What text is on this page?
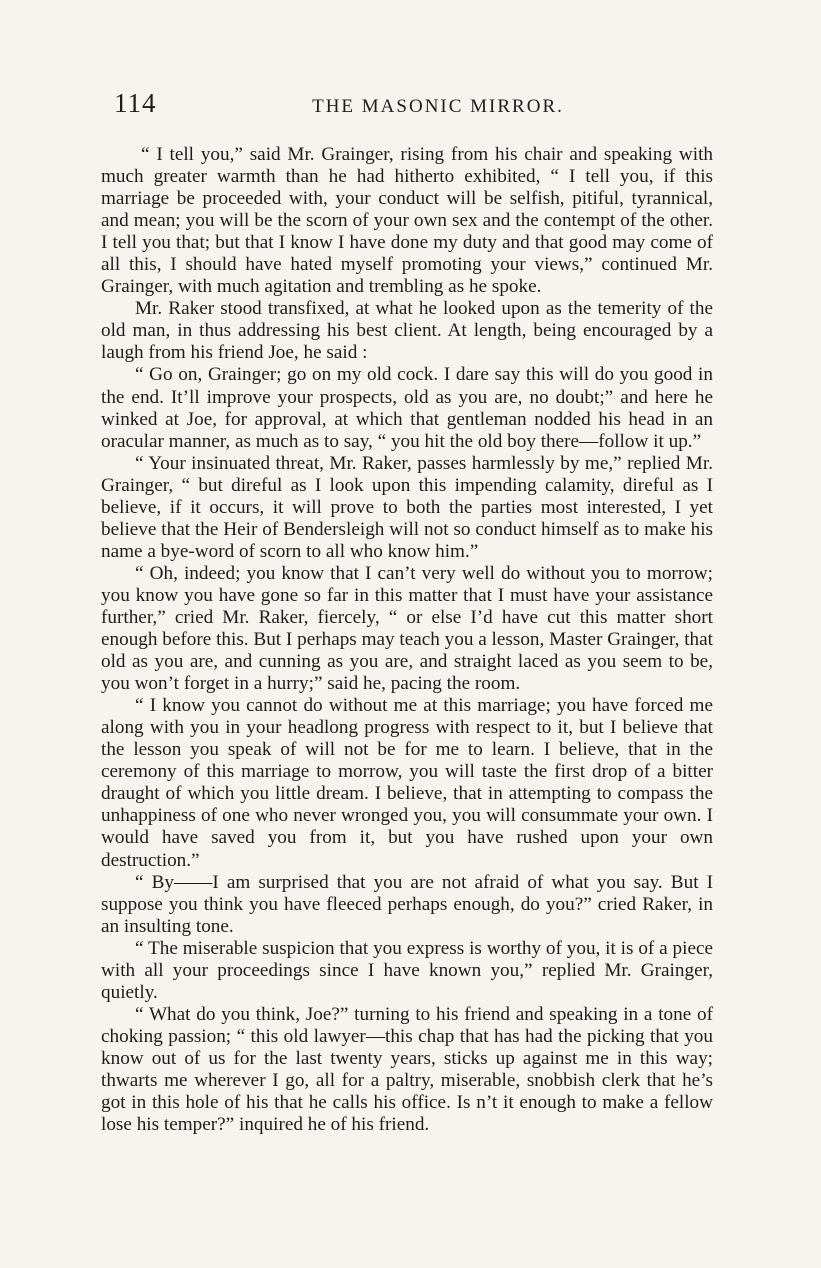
114	THE MASONIC MIRROR.

“ I tell you,” said Mr. Grainger, rising from his chair and speaking with much greater warmth than he had hitherto exhibited, “ I tell you, if this marriage be proceeded with, your conduct will be selfish, pitiful, tyrannical, and mean; you will be the scorn of your own sex and the contempt of the other. I tell you that; but that I know I have done my duty and that good may come of all this, I should have hated myself promoting your views,” continued Mr. Grainger, with much agitation and trembling as he spoke.

Mr. Raker stood transfixed, at what he looked upon as the temerity of the old man, in thus addressing his best client. At length, being encouraged by a laugh from his friend Joe, he said :

“ Go on, Grainger; go on my old cock. I dare say this will do you good in the end. It’ll improve your prospects, old as you are, no doubt;” and here he winked at Joe, for approval, at which that gentleman nodded his head in an oracular manner, as much as to say, “ you hit the old boy there—follow it up.”

“ Your insinuated threat, Mr. Raker, passes harmlessly by me,” replied Mr. Grainger, “ but direful as I look upon this impending calamity, direful as I believe, if it occurs, it will prove to both the parties most interested, I yet believe that the Heir of Bendersleigh will not so conduct himself as to make his name a bye-word of scorn to all who know him.”

“ Oh, indeed; you know that I can’t very well do without you to morrow; you know you have gone so far in this matter that I must have your assistance further,” cried Mr. Raker, fiercely, “ or else I’d have cut this matter short enough before this. But I perhaps may teach you a lesson, Master Grainger, that old as you are, and cunning as you are, and straight laced as you seem to be, you won’t forget in a hurry;” said he, pacing the room.

“ I know you cannot do without me at this marriage; you have forced me along with you in your headlong progress with respect to it, but I believe that the lesson you speak of will not be for me to learn. I believe, that in the ceremony of this marriage to morrow, you will taste the first drop of a bitter draught of which you little dream. I believe, that in attempting to compass the unhappiness of one who never wronged you, you will consummate your own. I would have saved you from it, but you have rushed upon your own destruction.”

“ By——I am surprised that you are not afraid of what you say. But I suppose you think you have fleeced perhaps enough, do you?” cried Raker, in an insulting tone.

“ The miserable suspicion that you express is worthy of you, it is of a piece with all your proceedings since I have known you,” replied Mr. Grainger, quietly.

“ What do you think, Joe?” turning to his friend and speaking in a tone of choking passion; “ this old lawyer—this chap that has had the picking that you know out of us for the last twenty years, sticks up against me in this way; thwarts me wherever I go, all for a paltry, miserable, snobbish clerk that he’s got in this hole of his that he calls his office. Is n’t it enough to make a fellow lose his temper?” inquired he of his friend.
